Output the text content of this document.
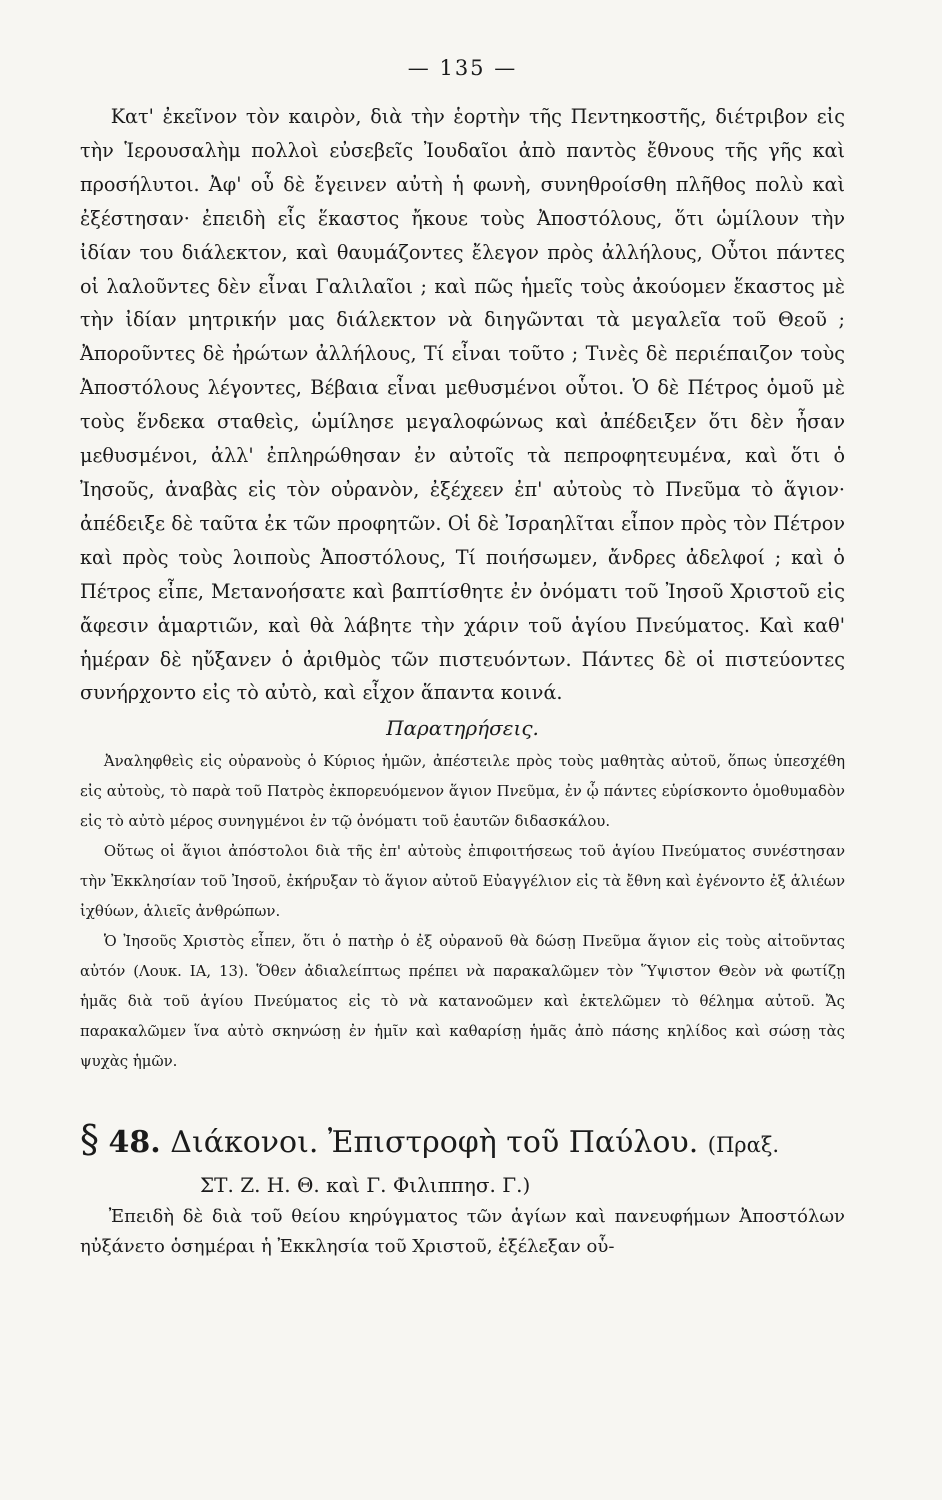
— 135 —

Κατ' ἐκεῖνον τὸν καιρὸν, διὰ τὴν ἑορτὴν τῆς Πεντηκοστῆς, διέτριβον εἰς τὴν Ἱερουσαλὴμ πολλοὶ εὐσεβεῖς Ἰουδαῖοι ἀπὸ παντὸς ἔθνους τῆς γῆς καὶ προσήλυτοι. Ἀφ' οὗ δὲ ἔγεινεν αὐτὴ ἡ φωνὴ, συνηθροίσθη πλῆθος πολὺ καὶ ἐξέστησαν· ἐπειδὴ εἷς ἕκαστος ἤκουε τοὺς Ἀποστόλους, ὅτι ὡμίλουν τὴν ἰδίαν του διάλεκτον, καὶ θαυμάζοντες ἔλεγον πρὸς ἀλλήλους, Οὗτοι πάντες οἱ λαλοῦντες δὲν εἶναι Γαλιλαῖοι ; καὶ πῶς ἡμεῖς τοὺς ἀκούομεν ἕκαστος μὲ τὴν ἰδίαν μητρικήν μας διάλεκτον νὰ διηγῶνται τὰ μεγαλεῖα τοῦ Θεοῦ ; Ἀποροῦντες δὲ ἠρώτων ἀλλήλους, Τί εἶναι τοῦτο ; Τινὲς δὲ περιέπαιζον τοὺς Ἀποστόλους λέγοντες, Βέβαια εἶναι μεθυσμένοι οὗτοι. Ὁ δὲ Πέτρος ὁμοῦ μὲ τοὺς ἕνδεκα σταθεὶς, ὡμίλησε μεγαλοφώνως καὶ ἀπέδειξεν ὅτι δὲν ἦσαν μεθυσμένοι, ἀλλ' ἐπληρώθησαν ἐν αὐτοῖς τὰ πεπροφητευμένα, καὶ ὅτι ὁ Ἰησοῦς, ἀναβὰς εἰς τὸν οὐρανὸν, ἐξέχεεν ἐπ' αὐτοὺς τὸ Πνεῦμα τὸ ἅγιον· ἀπέδειξε δὲ ταῦτα ἐκ τῶν προφητῶν. Οἱ δὲ Ἰσραηλῖται εἶπον πρὸς τὸν Πέτρον καὶ πρὸς τοὺς λοιποὺς Ἀποστόλους, Τί ποιήσωμεν, ἄνδρες ἀδελφοί ; καὶ ὁ Πέτρος εἶπε, Μετανοήσατε καὶ βαπτίσθητε ἐν ὀνόματι τοῦ Ἰησοῦ Χριστοῦ εἰς ἄφεσιν ἁμαρτιῶν, καὶ θὰ λάβητε τὴν χάριν τοῦ ἁγίου Πνεύματος. Καὶ καθ' ἡμέραν δὲ ηὔξανεν ὁ ἀριθμὸς τῶν πιστευόντων. Πάντες δὲ οἱ πιστεύοντες συνήρχοντο εἰς τὸ αὐτὸ, καὶ εἶχον ἅπαντα κοινά.

Παρατηρήσεις.

Ἀναληφθεὶς εἰς οὐρανοὺς ὁ Κύριος ἡμῶν, ἀπέστειλε πρὸς τοὺς μαθητὰς αὐτοῦ, ὅπως ὑπεσχέθη εἰς αὐτοὺς, τὸ παρὰ τοῦ Πατρὸς ἐκπορευόμενον ἅγιον Πνεῦμα, ἐν ᾧ πάντες εὑρίσκοντο ὁμοθυμαδὸν εἰς τὸ αὐτὸ μέρος συνηγμένοι ἐν τῷ ὀνόματι τοῦ ἑαυτῶν διδασκάλου.

Οὕτως οἱ ἅγιοι ἀπόστολοι διὰ τῆς ἐπ' αὐτοὺς ἐπιφοιτήσεως τοῦ ἁγίου Πνεύματος συνέστησαν τὴν Ἐκκλησίαν τοῦ Ἰησοῦ, ἐκήρυξαν τὸ ἅγιον αὐτοῦ Εὐαγγέλιον εἰς τὰ ἔθνη καὶ ἐγένοντο ἐξ ἁλιέων ἰχθύων, ἁλιεῖς ἀνθρώπων.

Ὁ Ἰησοῦς Χριστὸς εἶπεν, ὅτι ὁ πατὴρ ὁ ἐξ οὐρανοῦ θὰ δώσῃ Πνεῦμα ἅγιον εἰς τοὺς αἰτοῦντας αὐτόν (Λουκ. ΙΑ, 13). Ὅθεν ἀδιαλείπτως πρέπει νὰ παρακαλῶμεν τὸν Ὕψιστον Θεὸν νὰ φωτίζῃ ἡμᾶς διὰ τοῦ ἁγίου Πνεύματος εἰς τὸ νὰ κατανοῶμεν καὶ ἐκτελῶμεν τὸ θέλημα αὐτοῦ. Ἄς παρακαλῶμεν ἵνα αὐτὸ σκηνώσῃ ἐν ἡμῖν καὶ καθαρίσῃ ἡμᾶς ἀπὸ πάσης κηλίδος καὶ σώσῃ τὰς ψυχὰς ἡμῶν.

§ 48. Διάκονοι. Ἐπιστροφὴ τοῦ Παύλου. (Πραξ.
ΣΤ. Ζ. Η. Θ. καὶ Γ. Φιλιππησ. Γ.)

Ἐπειδὴ δὲ διὰ τοῦ θείου κηρύγματος τῶν ἁγίων καὶ πανευφήμων Ἀποστόλων ηὐξάνετο ὁσημέραι ἡ Ἐκκλησία τοῦ Χριστοῦ, ἐξέλεξαν οὗ-
